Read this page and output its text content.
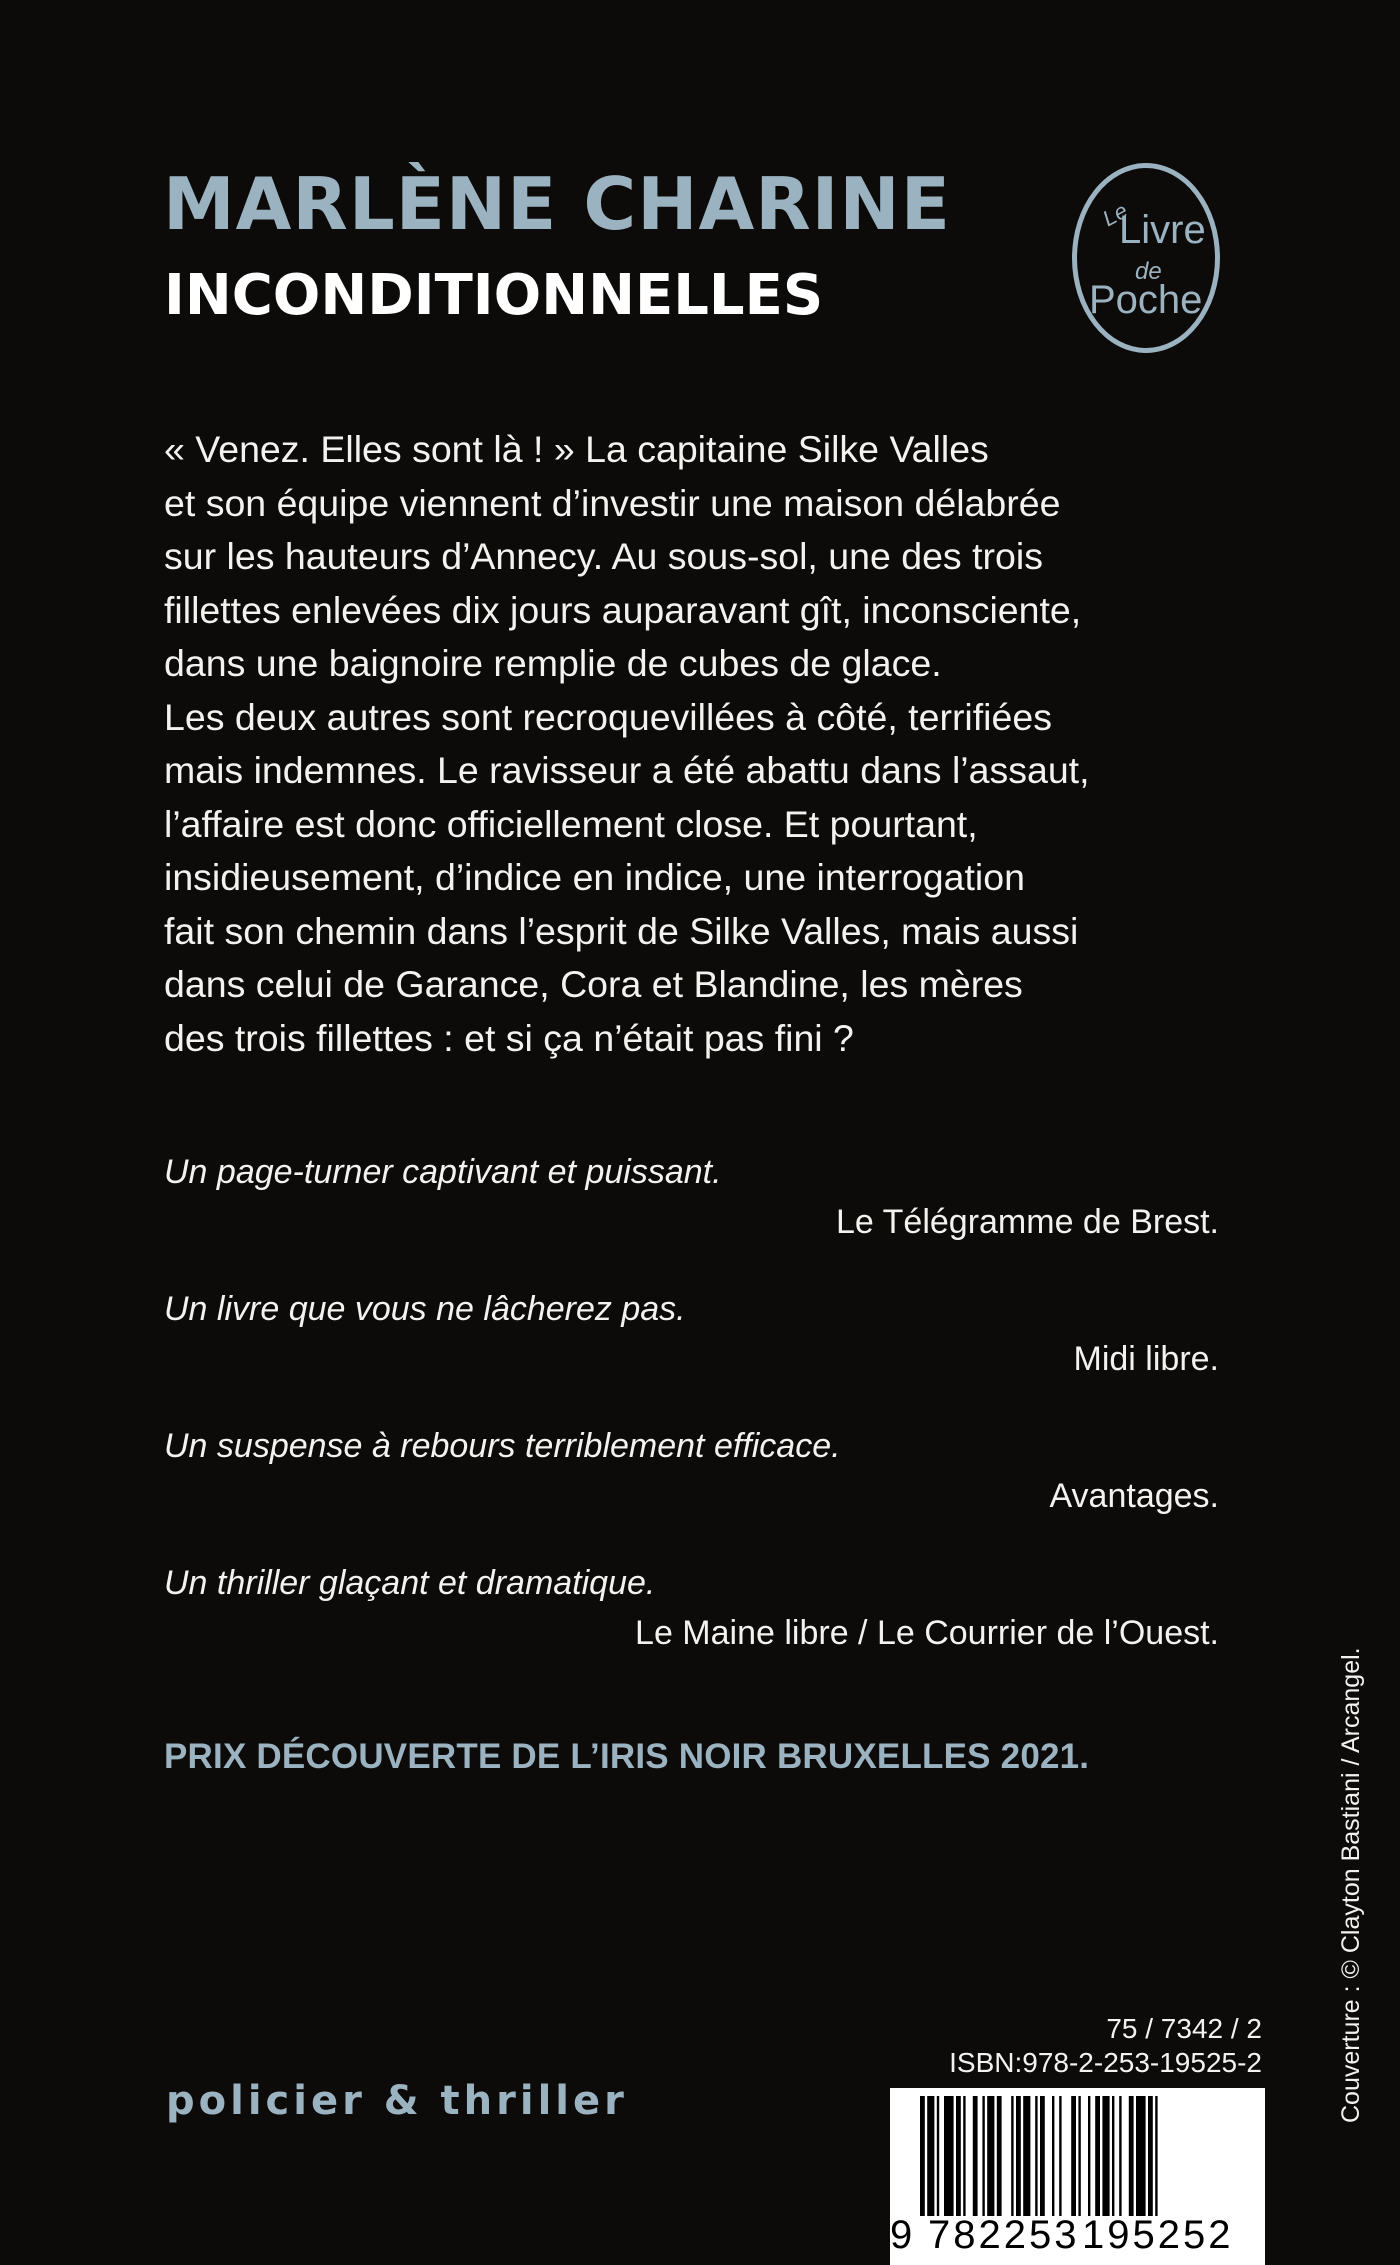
MARLÈNE CHARINE
INCONDITIONNELLES
Le
Livre
de
Poche
« Venez. Elles sont là ! » La capitaine Silke Valles
et son équipe viennent d’investir une maison délabrée
sur les hauteurs d’Annecy. Au sous-sol, une des trois
fillettes enlevées dix jours auparavant gît, inconsciente,
dans une baignoire remplie de cubes de glace.
Les deux autres sont recroquevillées à côté, terrifiées
mais indemnes. Le ravisseur a été abattu dans l’assaut,
l’affaire est donc officiellement close. Et pourtant,
insidieusement, d’indice en indice, une interrogation
fait son chemin dans l’esprit de Silke Valles, mais aussi
dans celui de Garance, Cora et Blandine, les mères
des trois fillettes : et si ça n’était pas fini ?
Un page-turner captivant et puissant.
Le Télégramme de Brest.
Un livre que vous ne lâcherez pas.
Midi libre.
Un suspense à rebours terriblement efficace.
Avantages.
Un thriller glaçant et dramatique.
Le Maine libre / Le Courrier de l’Ouest.

PRIX DÉCOUVERTE DE L’IRIS NOIR BRUXELLES 2021.

policier & thriller
75 / 7342 / 2
ISBN:978-2-253-19525-2
9 782253 195252
Couverture : © Clayton Bastiani / Arcangel.
